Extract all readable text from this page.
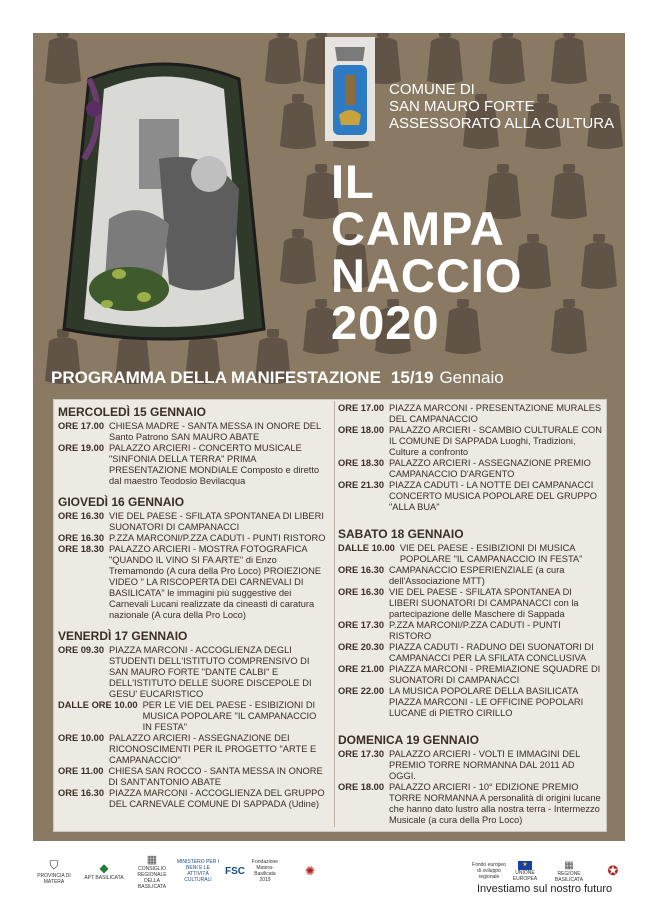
COMUNE DI
SAN MAURO FORTE
ASSESSORATO ALLA CULTURA
IL
CAMPA
NACCIO
2020
PROGRAMMA DELLA MANIFESTAZIONE 15/19 Gennaio
MERCOLEDÌ 15 GENNAIO
ORE 17.00 CHIESA MADRE - SANTA MESSA IN ONORE DEL Santo Patrono SAN MAURO ABATE
ORE 19.00 PALAZZO ARCIERI - CONCERTO MUSICALE "SINFONIA DELLA TERRA" PRIMA PRESENTAZIONE MONDIALE Composto e diretto dal maestro Teodosio Bevilacqua
GIOVEDÌ 16 GENNAIO
ORE 16.30 VIE DEL PAESE - SFILATA SPONTANEA DI LIBERI SUONATORI DI CAMPANACCI
ORE 16.30 P.ZZA MARCONI/P.ZZA CADUTI - PUNTI RISTORO
ORE 18.30 PALAZZO ARCIERI - MOSTRA FOTOGRAFICA "QUANDO IL VINO SI FA ARTE" di Enzo Tremamondo (A cura della Pro Loco) PROIEZIONE VIDEO " LA RISCOPERTA DEI CARNEVALI DI BASILICATA" le immagini più suggestive dei Carnevali Lucani realizzate da cineasti di caratura nazionale (A cura della Pro Loco)
VENERDÌ 17 GENNAIO
ORE 09.30 PIAZZA MARCONI - ACCOGLIENZA DEGLI STUDENTI DELL'ISTITUTO COMPRENSIVO DI SAN MAURO FORTE "DANTE CALBI" E DELL'ISTITUTO DELLE SUORE DISCEPOLE DI GESU' EUCARISTICO
DALLE ORE 10.00 PER LE VIE DEL PAESE - ESIBIZIONI DI MUSICA POPOLARE "IL CAMPANACCIO IN FESTA"
ORE 10.00 PALAZZO ARCIERI - ASSEGNAZIONE DEI RICONOSCIMENTI PER IL PROGETTO "ARTE E CAMPANACCIO"
ORE 11.00 CHIESA SAN ROCCO - SANTA MESSA IN ONORE DI SANT'ANTONIO ABATE
ORE 16.30 PIAZZA MARCONI - ACCOGLIENZA DEL GRUPPO DEL CARNEVALE COMUNE DI SAPPADA (Udine)
ORE 17.00 PIAZZA MARCONI - PRESENTAZIONE MURALES DEL CAMPANACCIO
ORE 18.00 PALAZZO ARCIERI - SCAMBIO CULTURALE CON IL COMUNE DI SAPPADA Luoghi, Tradizioni, Culture a confronto
ORE 18.30 PALAZZO ARCIERI - ASSEGNAZIONE PREMIO CAMPANACCIO D'ARGENTO
ORE 21.30 PIAZZA CADUTI - LA NOTTE DEI CAMPANACCI CONCERTO MUSICA POPOLARE DEL GRUPPO "ALLA BUA"
SABATO 18 GENNAIO
DALLE 10.00 VIE DEL PAESE - ESIBIZIONI DI MUSICA POPOLARE "IL CAMPANACCIO IN FESTA"
ORE 16.30 CAMPANACCIO ESPERIENZIALE (a cura dell'Associazione MTT)
ORE 16.30 VIE DEL PAESE - SFILATA SPONTANEA DI LIBERI SUONATORI DI CAMPANACCI con la partecipazione delle Maschere di Sappada
ORE 17.30 P.ZZA MARCONI/P.ZZA CADUTI - PUNTI RISTORO
ORE 20.30 PIAZZA CADUTI - RADUNO DEI SUONATORI DI CAMPANACCI PER LA SFILATA CONCLUSIVA
ORE 21.00 PIAZZA MARCONI - PREMIAZIONE SQUADRE DI SUONATORI DI CAMPANACCI
ORE 22.00 LA MUSICA POPOLARE DELLA BASILICATA PIAZZA MARCONI - LE OFFICINE POPOLARI LUCANE di PIETRO CIRILLO
DOMENICA 19 GENNAIO
ORE 17.30 PALAZZO ARCIERI - VOLTI E IMMAGINI DEL PREMIO TORRE NORMANNA DAL 2011 AD OGGI.
ORE 18.00 PALAZZO ARCIERI - 10° EDIZIONE PREMIO TORRE NORMANNA A personalità di origini lucane che hanno dato lustro alla nostra terra - Intermezzo Musicale (a cura della Pro Loco)
⛉
PROVINCIA DI MATERA
◆
APT BASILICATA
▦
CONSIGLIO REGIONALE DELLA BASILICATA
MINISTERO PER I BENI E LE ATTIVITÀ CULTURALI
FSC
Fondazione Matera-Basilicata 2019
✺	Fondo europeo di sviluppo regionale
★
UNIONE EUROPEA
▦
REGIONE BASILICATA
✪
Investiamo sul nostro futuro
